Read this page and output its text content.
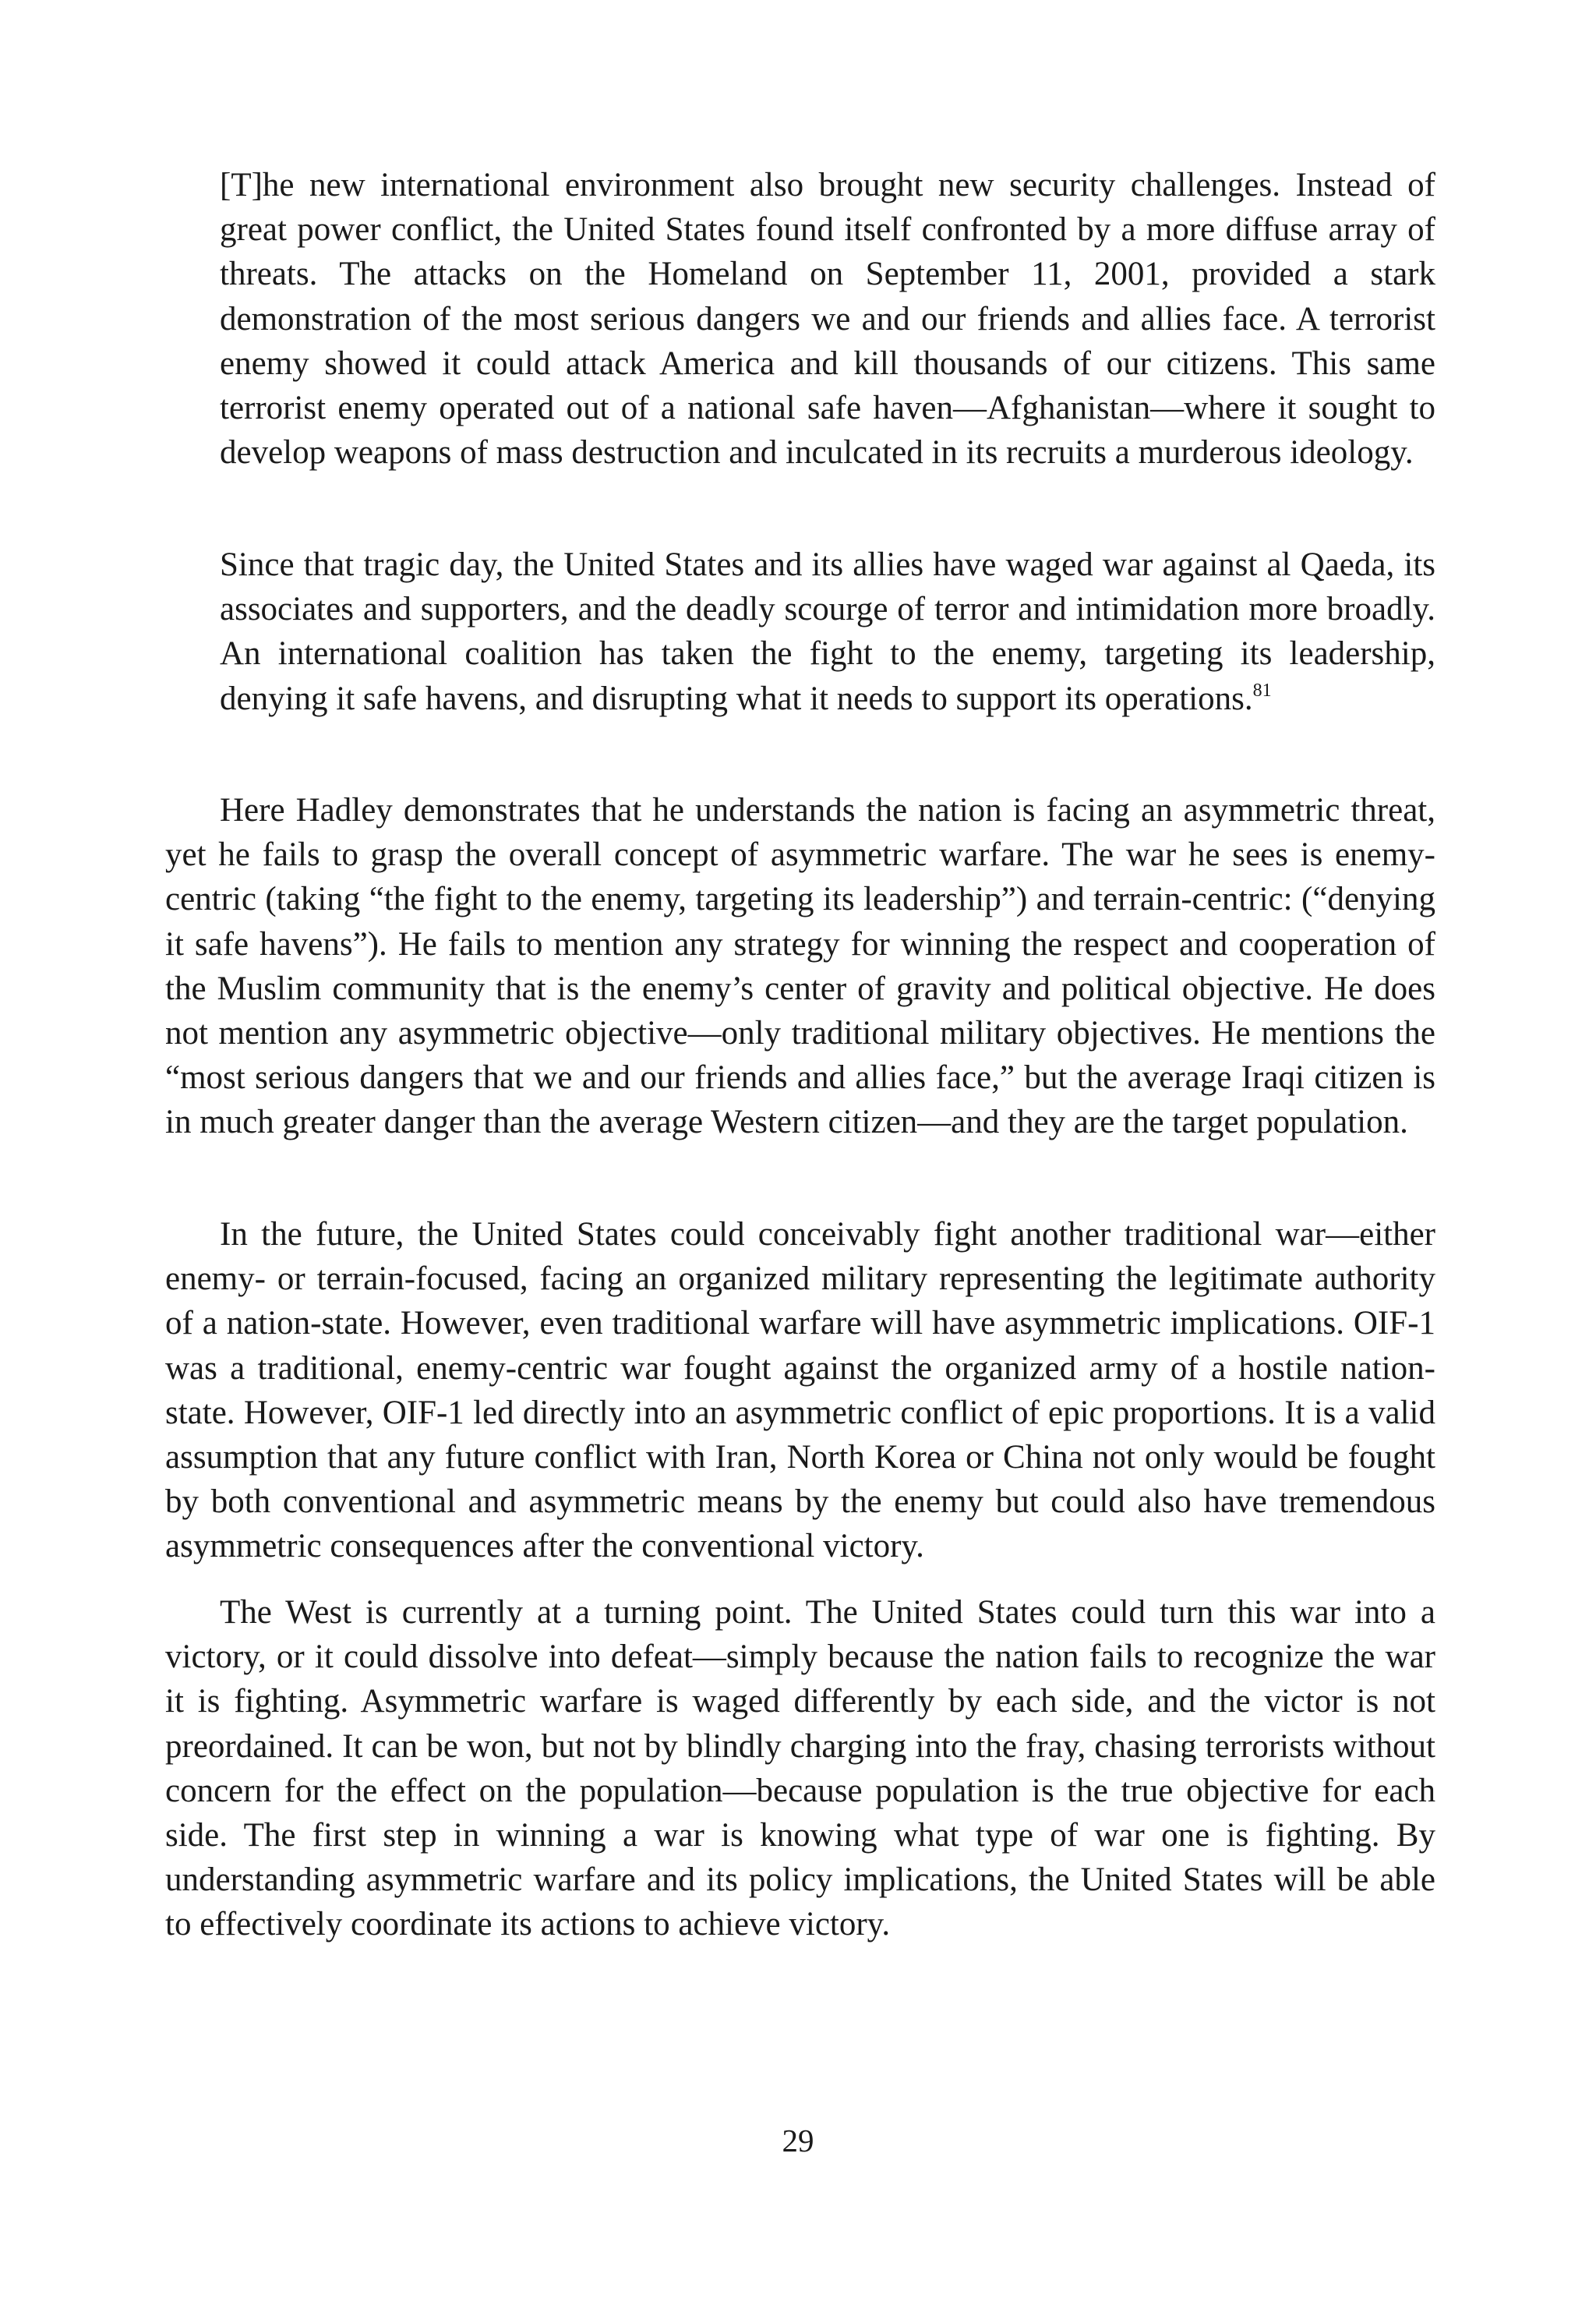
[T]he new international environment also brought new security challenges. Instead of great power conflict, the United States found itself confronted by a more diffuse array of threats. The attacks on the Homeland on September 11, 2001, provided a stark demonstration of the most serious dangers we and our friends and allies face. A terrorist enemy showed it could attack America and kill thousands of our citizens. This same terrorist enemy operated out of a national safe haven—Afghanistan—where it sought to develop weapons of mass destruction and inculcated in its recruits a murderous ideology.

Since that tragic day, the United States and its allies have waged war against al Qaeda, its associates and supporters, and the deadly scourge of terror and intimidation more broadly. An international coalition has taken the fight to the enemy, targeting its leadership, denying it safe havens, and disrupting what it needs to support its operations.$^{81}$

Here Hadley demonstrates that he understands the nation is facing an asymmetric threat, yet he fails to grasp the overall concept of asymmetric warfare. The war he sees is enemy-centric (taking “the fight to the enemy, targeting its leadership”) and terrain-centric: (“denying it safe havens”). He fails to mention any strategy for winning the respect and cooperation of the Muslim community that is the enemy’s center of gravity and political objective. He does not mention any asymmetric objective—only traditional military objectives. He mentions the “most serious dangers that we and our friends and allies face,” but the average Iraqi citizen is in much greater danger than the average Western citizen—and they are the target population.

In the future, the United States could conceivably fight another traditional war—either enemy- or terrain-focused, facing an organized military representing the legitimate authority of a nation-state. However, even traditional warfare will have asymmetric implications. OIF-1 was a traditional, enemy-centric war fought against the organized army of a hostile nation-state. However, OIF-1 led directly into an asymmetric conflict of epic proportions. It is a valid assumption that any future conflict with Iran, North Korea or China not only would be fought by both conventional and asymmetric means by the enemy but could also have tremendous asymmetric consequences after the conventional victory.

The West is currently at a turning point. The United States could turn this war into a victory, or it could dissolve into defeat—simply because the nation fails to recognize the war it is fighting. Asymmetric warfare is waged differently by each side, and the victor is not preordained. It can be won, but not by blindly charging into the fray, chasing terrorists without concern for the effect on the population—because population is the true objective for each side. The first step in winning a war is knowing what type of war one is fighting. By understanding asymmetric warfare and its policy implications, the United States will be able to effectively coordinate its actions to achieve victory.

29
